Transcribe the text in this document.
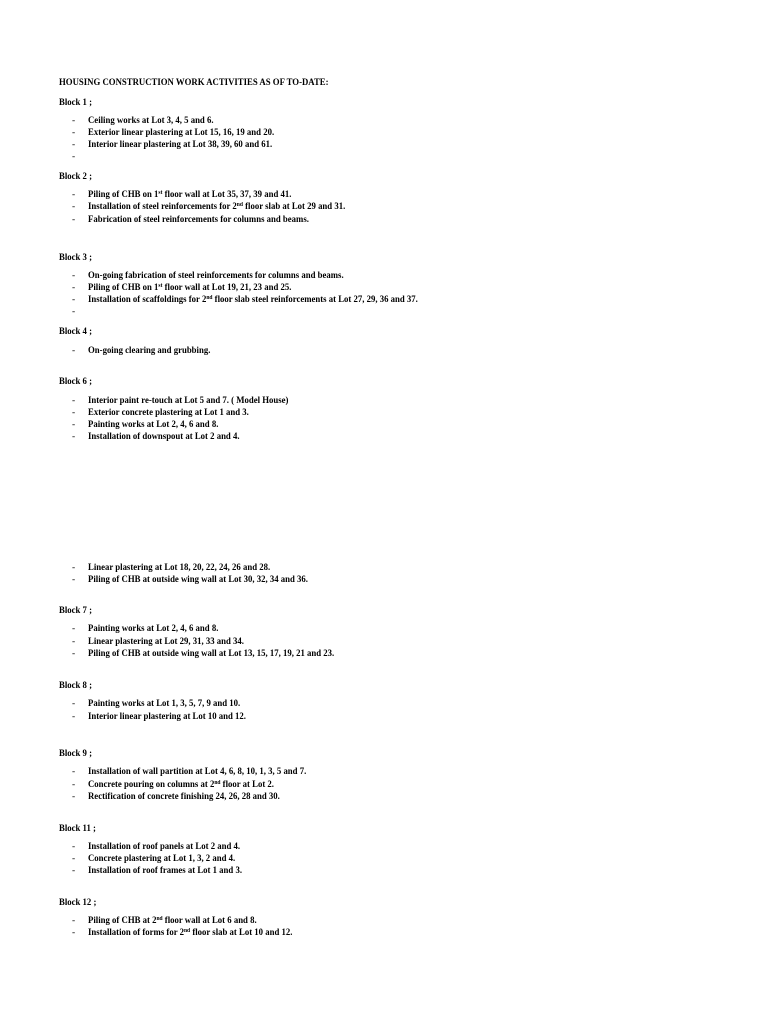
HOUSING CONSTRUCTION WORK ACTIVITIES AS OF TO-DATE:
Block 1 ;
-	Ceiling works at Lot 3, 4, 5 and 6.
-	Exterior linear plastering at Lot 15, 16, 19 and 20.
-	Interior linear plastering at Lot 38, 39, 60 and 61.
-
Block 2 ;
-	Piling of CHB on 1st floor wall at Lot 35, 37, 39 and 41.
-	Installation of steel reinforcements for 2nd floor slab at Lot 29 and 31.
-	Fabrication of steel reinforcements for columns and beams.
Block 3 ;
-	On-going fabrication of steel reinforcements for columns and beams.
-	Piling of CHB on 1st floor wall at Lot 19, 21, 23 and 25.
-	Installation of scaffoldings for 2nd floor slab steel reinforcements at Lot 27, 29, 36 and 37.
-
Block 4 ;
-	On-going clearing and grubbing.
Block 6 ;
-	Interior paint re-touch at Lot 5 and 7. ( Model House)
-	Exterior concrete plastering at Lot 1 and 3.
-	Painting works at Lot 2, 4, 6 and 8.
-	Installation of downspout at Lot 2 and 4.
-	Linear plastering at Lot 18, 20, 22, 24, 26 and 28.
-	Piling of CHB at outside wing wall at Lot 30, 32, 34 and 36.
Block 7 ;
-	Painting works at Lot 2, 4, 6 and 8.
-	Linear plastering at Lot 29, 31, 33 and 34.
-	Piling of CHB at outside wing wall at Lot 13, 15, 17, 19, 21 and 23.
Block 8 ;
-	Painting works at Lot 1, 3, 5, 7, 9 and 10.
-	Interior linear plastering at Lot 10 and 12.
Block 9 ;
-	Installation of wall partition at Lot 4, 6, 8, 10, 1, 3, 5 and 7.
-	Concrete pouring on columns at 2nd floor at Lot 2.
-	Rectification of concrete finishing 24, 26, 28 and 30.
Block 11 ;
-	Installation of roof panels at Lot 2 and 4.
-	Concrete plastering at Lot 1, 3, 2 and 4.
-	Installation of roof frames at Lot 1 and 3.
Block 12 ;
-	Piling of CHB at 2nd floor wall at Lot 6 and 8.
-	Installation of forms for 2nd floor slab at Lot 10 and 12.
